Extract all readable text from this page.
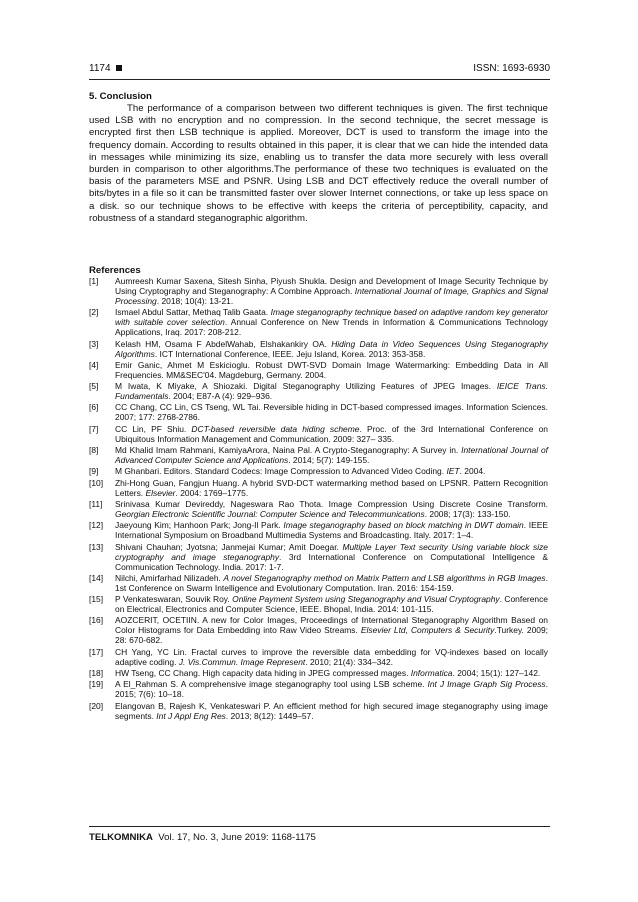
1174	ISSN: 1693-6930
5. Conclusion

The performance of a comparison between two different techniques is given. The first technique used LSB with no encryption and no compression. In the second technique, the secret message is encrypted first then LSB technique is applied. Moreover, DCT is used to transform the image into the frequency domain. According to results obtained in this paper, it is clear that we can hide the intended data in messages while minimizing its size, enabling us to transfer the data more securely with less overall burden in comparison to other algorithms.The performance of these two techniques is evaluated on the basis of the parameters MSE and PSNR. Using LSB and DCT effectively reduce the overall number of bits/bytes in a file so it can be transmitted faster over slower Internet connections, or take up less space on a disk. so our technique shows to be effective with keeps the criteria of perceptibility, capacity, and robustness of a standard steganographic algorithm.

References
[1]	Aumreesh Kumar Saxena, Sitesh Sinha, Piyush Shukla. Design and Development of Image Security Technique by Using Cryptography and Steganography: A Combine Approach. International Journal of Image, Graphics and Signal Processing. 2018; 10(4): 13-21.
[2]	Ismael Abdul Sattar, Methaq Talib Gaata. Image steganography technique based on adaptive random key generator with suitable cover selection. Annual Conference on New Trends in Information & Communications Technology Applications, Iraq. 2017: 208-212.
[3]	Kelash HM, Osama F AbdelWahab, Elshakankiry OA. Hiding Data in Video Sequences Using Steganography Algorithms. ICT International Conference, IEEE. Jeju Island, Korea. 2013: 353-358.
[4]	Emir Ganic, Ahmet M Eskicioglu. Robust DWT-SVD Domain Image Watermarking: Embedding Data in All Frequencies. MM&SEC'04. Magdeburg, Germany. 2004.
[5]	M Iwata, K Miyake, A Shiozaki. Digital Steganography Utilizing Features of JPEG Images. IEICE Trans. Fundamentals. 2004; E87-A (4): 929–936.
[6]	CC Chang, CC Lin, CS Tseng, WL Tai. Reversible hiding in DCT-based compressed images. Information Sciences. 2007; 177: 2768-2786.
[7]	CC Lin, PF Shiu. DCT-based reversible data hiding scheme. Proc. of the 3rd International Conference on Ubiquitous Information Management and Communication. 2009: 327– 335.
[8]	Md Khalid Imam Rahmani, KamiyaArora, Naina Pal. A Crypto-Steganography: A Survey in. International Journal of Advanced Computer Science and Applications. 2014; 5(7): 149-155.
[9]	M Ghanbari. Editors. Standard Codecs: Image Compression to Advanced Video Coding. IET. 2004.
[10]	Zhi-Hong Guan, Fangjun Huang. A hybrid SVD-DCT watermarking method based on LPSNR. Pattern Recognition Letters. Elsevier. 2004: 1769–1775.
[11]	Srinivasa Kumar Devireddy, Nageswara Rao Thota. Image Compression Using Discrete Cosine Transform. Georgian Electronic Scientific Journal: Computer Science and Telecommunications. 2008; 17(3): 133-150.
[12]	Jaeyoung Kim; Hanhoon Park; Jong-Il Park. Image steganography based on block matching in DWT domain. IEEE International Symposium on Broadband Multimedia Systems and Broadcasting. Italy. 2017: 1–4.
[13]	Shivani Chauhan; Jyotsna; Janmejai Kumar; Amit Doegar. Multiple Layer Text security Using variable block size cryptography and image steganography. 3rd International Conference on Computational Intelligence & Communication Technology. India. 2017: 1-7.
[14]	Nilchi, Amirfarhad Nilizadeh. A novel Steganography method on Matrix Pattern and LSB algorithms in RGB Images. 1st Conference on Swarm Intelligence and Evolutionary Computation. Iran. 2016: 154-159.
[15]	P Venkateswaran, Souvik Roy. Online Payment System using Steganography and Visual Cryptography. Conference on Electrical, Electronics and Computer Science, IEEE. Bhopal, India. 2014: 101-115.
[16]	AOZCERIT, OCETIIN. A new for Color Images, Proceedings of International Steganography Algorithm Based on Color Histograms for Data Embedding into Raw Video Streams. Elsevier Ltd, Computers & Security.Turkey. 2009; 28: 670-682.
[17]	CH Yang, YC Lin. Fractal curves to improve the reversible data embedding for VQ-indexes based on locally adaptive coding. J. Vis.Commun. Image Represent. 2010; 21(4): 334–342.
[18]	HW Tseng, CC Chang. High capacity data hiding in JPEG compressed mages. Informatica. 2004; 15(1): 127–142.
[19]	A El_Rahman S. A comprehensive image steganography tool using LSB scheme. Int J Image Graph Sig Process. 2015; 7(6): 10–18.
[20]	Elangovan B, Rajesh K, Venkateswari P. An efficient method for high secured image steganography using image segments. Int J Appl Eng Res. 2013; 8(12): 1449–57.
TELKOMNIKA Vol. 17, No. 3, June 2019: 1168-1175
